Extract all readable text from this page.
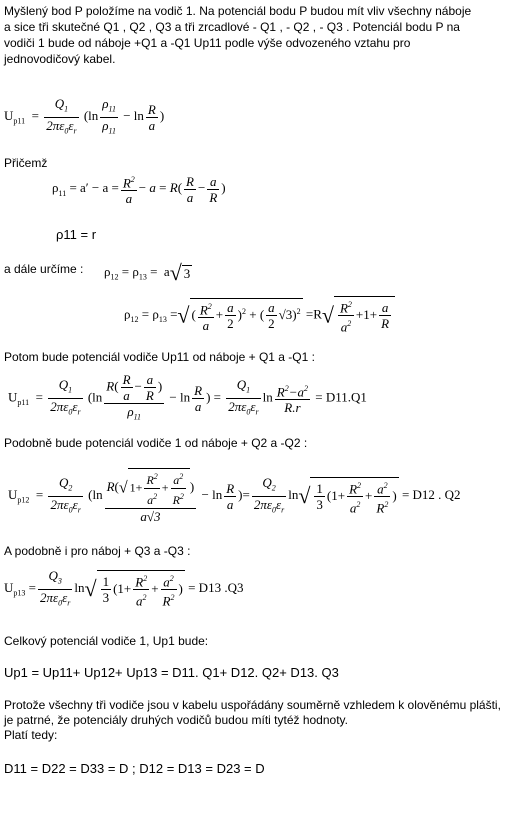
Myšlený bod P položíme na vodič 1. Na potenciál bodu P budou mít vliv všechny náboje
a sice tři skutečné Q1 , Q2 , Q3 a tři zrcadlové - Q1 , - Q2 , - Q3 . Potenciál bodu P na
vodiči 1 bude od náboje +Q1 a -Q1 Up11 podle výše odvozeného vztahu pro
jednovodičový kabel.
$U_{p11} = \frac{Q_1}{2\pi\varepsilon_0\varepsilon_r} (\ln \frac{\rho_{11}}{\rho_{11}} - \ln \frac{R}{a}$ )
Přičemž
$\rho_{11} = a' - a = \frac{R^2}{a} - a = R( \frac{R}{a} - \frac{a}{R}$ )
ρ11 = r
a dále určíme : $\rho_{12} = \rho_{13} = a√$ 3
$\rho_{12} = \rho_{13}$ =√ ( $\frac{R^2}{a} + \frac{a}{2} )^2$ + ( $\frac{a}{2} √3)^2 =R√ \frac{R^2}{a^2} +1+ \frac{a}{R}$
Potom bude potenciál vodiče Up11 od náboje + Q1 a -Q1 :
$U_{p11} = \frac{Q_1}{2\pi\varepsilon_0\varepsilon_r} (\ln \frac{R( \frac{R}{a} - \frac{a}{R} )}{\rho_{11}} - \ln \frac{R}{a}$ ) = $\frac{Q_1}{2\pi\varepsilon_0\varepsilon_r}$ $\ln \frac{R^2-a^2}{R.r} = D11.Q1$
Podobně bude potenciál vodiče 1 od náboje + Q2 a -Q2 :
$U_{p12} = \frac{Q_2}{2\pi\varepsilon_0\varepsilon_r} (\ln \frac{R(√ 1+ \frac{R^2}{a^2} + \frac{a^2}{R^2} )}{a√3} - \ln \frac{R}{a}$ )= $\frac{Q_2}{2\pi\varepsilon_0\varepsilon_r} \ln√ \frac{1}{3} (1+ \frac{R^2}{a^2} + \frac{a^2}{R^2}$ ) = D12 . Q2
A podobně i pro náboj + Q3 a -Q3 :
$U_{p13} = \frac{Q_3}{2\pi\varepsilon_0\varepsilon_r} \ln√ \frac{1}{3} (1+ \frac{R^2}{a^2} + \frac{a^2}{R^2}$ ) = D13 .Q3
Celkový potenciál vodiče 1, Up1 bude:
Up1 = Up11+ Up12+ Up13 = D11. Q1+ D12. Q2+ D13. Q3
Protože všechny tři vodiče jsou v kabelu uspořádány souměrně vzhledem k olověnému plášti,
je patrné, že potenciály druhých vodičů budou míti tytéž hodnoty.
Platí tedy:
D11 = D22 = D33 = D ; D12 = D13 = D23 = D
